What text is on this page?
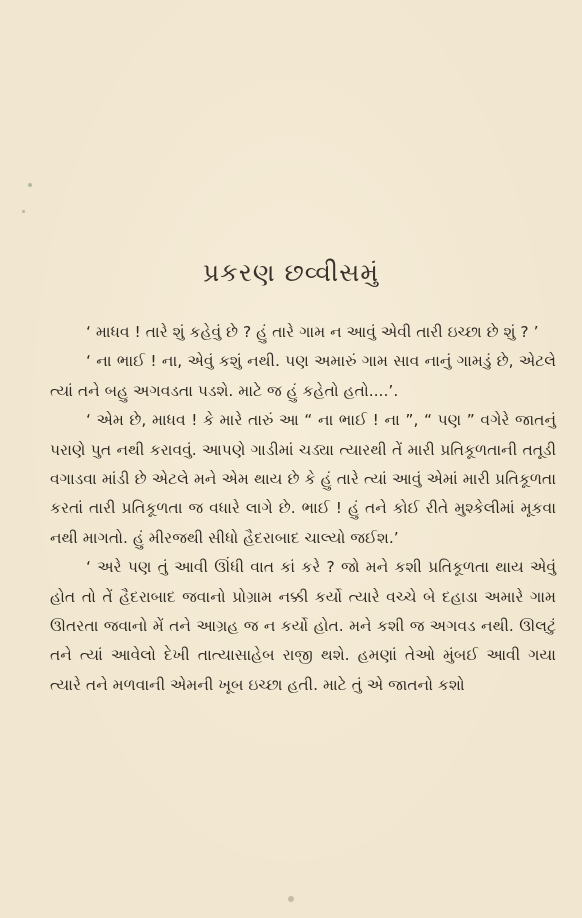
પ્રકરણ છવ્વીસમું

‘ માધવ ! તારે શું કહેવું છે ? હું તારે ગામ ન આવું એવી તારી ઇચ્છા છે શું ? ’

‘ ના ભાઈ ! ના, એવું કશું નથી. પણ અમારું ગામ સાવ નાનું ગામડું છે, એટલે ત્યાં તને બહુ અગવડતા પડશે. માટે જ હું કહેતો હતો....’.

‘ એમ છે, માધવ ! કે મારે તારું આ “ ના ભાઈ ! ના ”, “ પણ ” વગેરે જાતનું પરાણે પુત નથી કરાવવું. આપણે ગાડીમાં ચડ્યા ત્યારથી તેં મારી પ્રતિકૂળતાની તતૂડી વગાડવા માંડી છે એટલે મને એમ થાય છે કે હું તારે ત્યાં આવું એમાં મારી પ્રતિકૂળતા કરતાં તારી પ્રતિકૂળતા જ વધારે લાગે છે. ભાઈ ! હું તને કોઈ રીતે મુશ્કેલીમાં મૂકવા નથી માગતો. હું મીરજથી સીધો હૈદરાબાદ ચાલ્યો જઈશ.’

‘ અરે પણ તું આવી ઊંધી વાત કાં કરે ? જો મને કશી પ્રતિકૂળતા થાય એવું હોત તો તેં હૈદરાબાદ જવાનો પ્રોગ્રામ નક્કી કર્યો ત્યારે વચ્ચે બે દહાડા અમારે ગામ ઊતરતા જવાનો મેં તને આગ્રહ જ ન કર્યો હોત. મને કશી જ અગવડ નથી. ઊલટું તને ત્યાં આવેલો દેખી તાત્યાસાહેબ રાજી થશે. હમણાં તેઓ મુંબઈ આવી ગયા ત્યારે તને મળવાની એમની ખૂબ ઇચ્છા હતી. માટે તું એ જાતનો કશો
